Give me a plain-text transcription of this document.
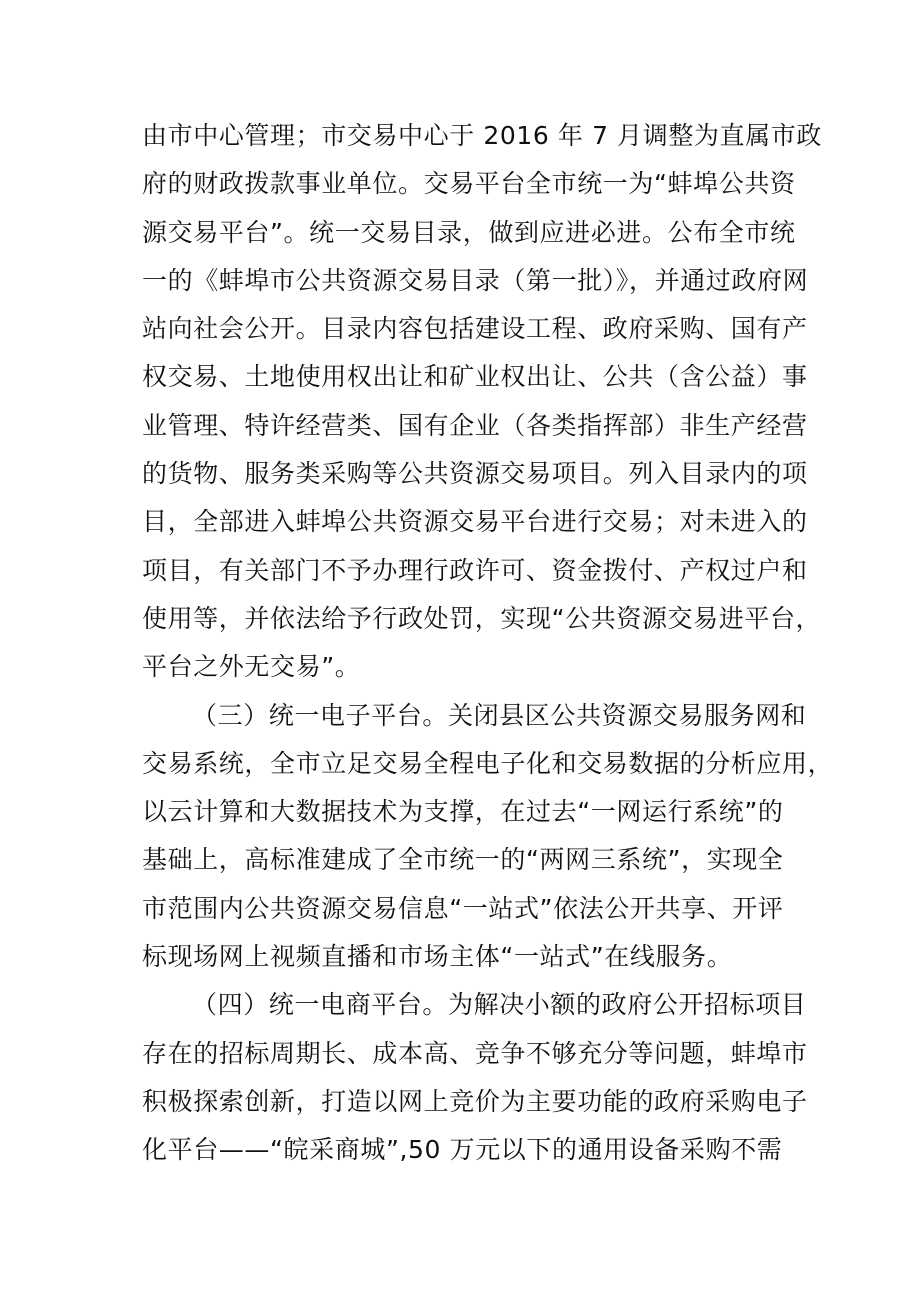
由市中心管理；市交易中心于 2016 年 7 月调整为直属市政
府的财政拨款事业单位。交易平台全市统一为“蚌埠公共资
源交易平台”。统一交易目录，做到应进必进。公布全市统
一的《蚌埠市公共资源交易目录（第一批）》，并通过政府网
站向社会公开。目录内容包括建设工程、政府采购、国有产
权交易、土地使用权出让和矿业权出让、公共（含公益）事
业管理、特许经营类、国有企业（各类指挥部）非生产经营
的货物、服务类采购等公共资源交易项目。列入目录内的项
目，全部进入蚌埠公共资源交易平台进行交易；对未进入的
项目，有关部门不予办理行政许可、资金拨付、产权过户和
使用等，并依法给予行政处罚，实现“公共资源交易进平台，
平台之外无交易”。
（三）统一电子平台。关闭县区公共资源交易服务网和
交易系统，全市立足交易全程电子化和交易数据的分析应用，
以云计算和大数据技术为支撑，在过去“一网运行系统”的
基础上，高标准建成了全市统一的“两网三系统”，实现全
市范围内公共资源交易信息“一站式”依法公开共享、开评
标现场网上视频直播和市场主体“一站式”在线服务。
（四）统一电商平台。为解决小额的政府公开招标项目
存在的招标周期长、成本高、竞争不够充分等问题，蚌埠市
积极探索创新，打造以网上竞价为主要功能的政府采购电子
化平台——“皖采商城”,50 万元以下的通用设备采购不需
